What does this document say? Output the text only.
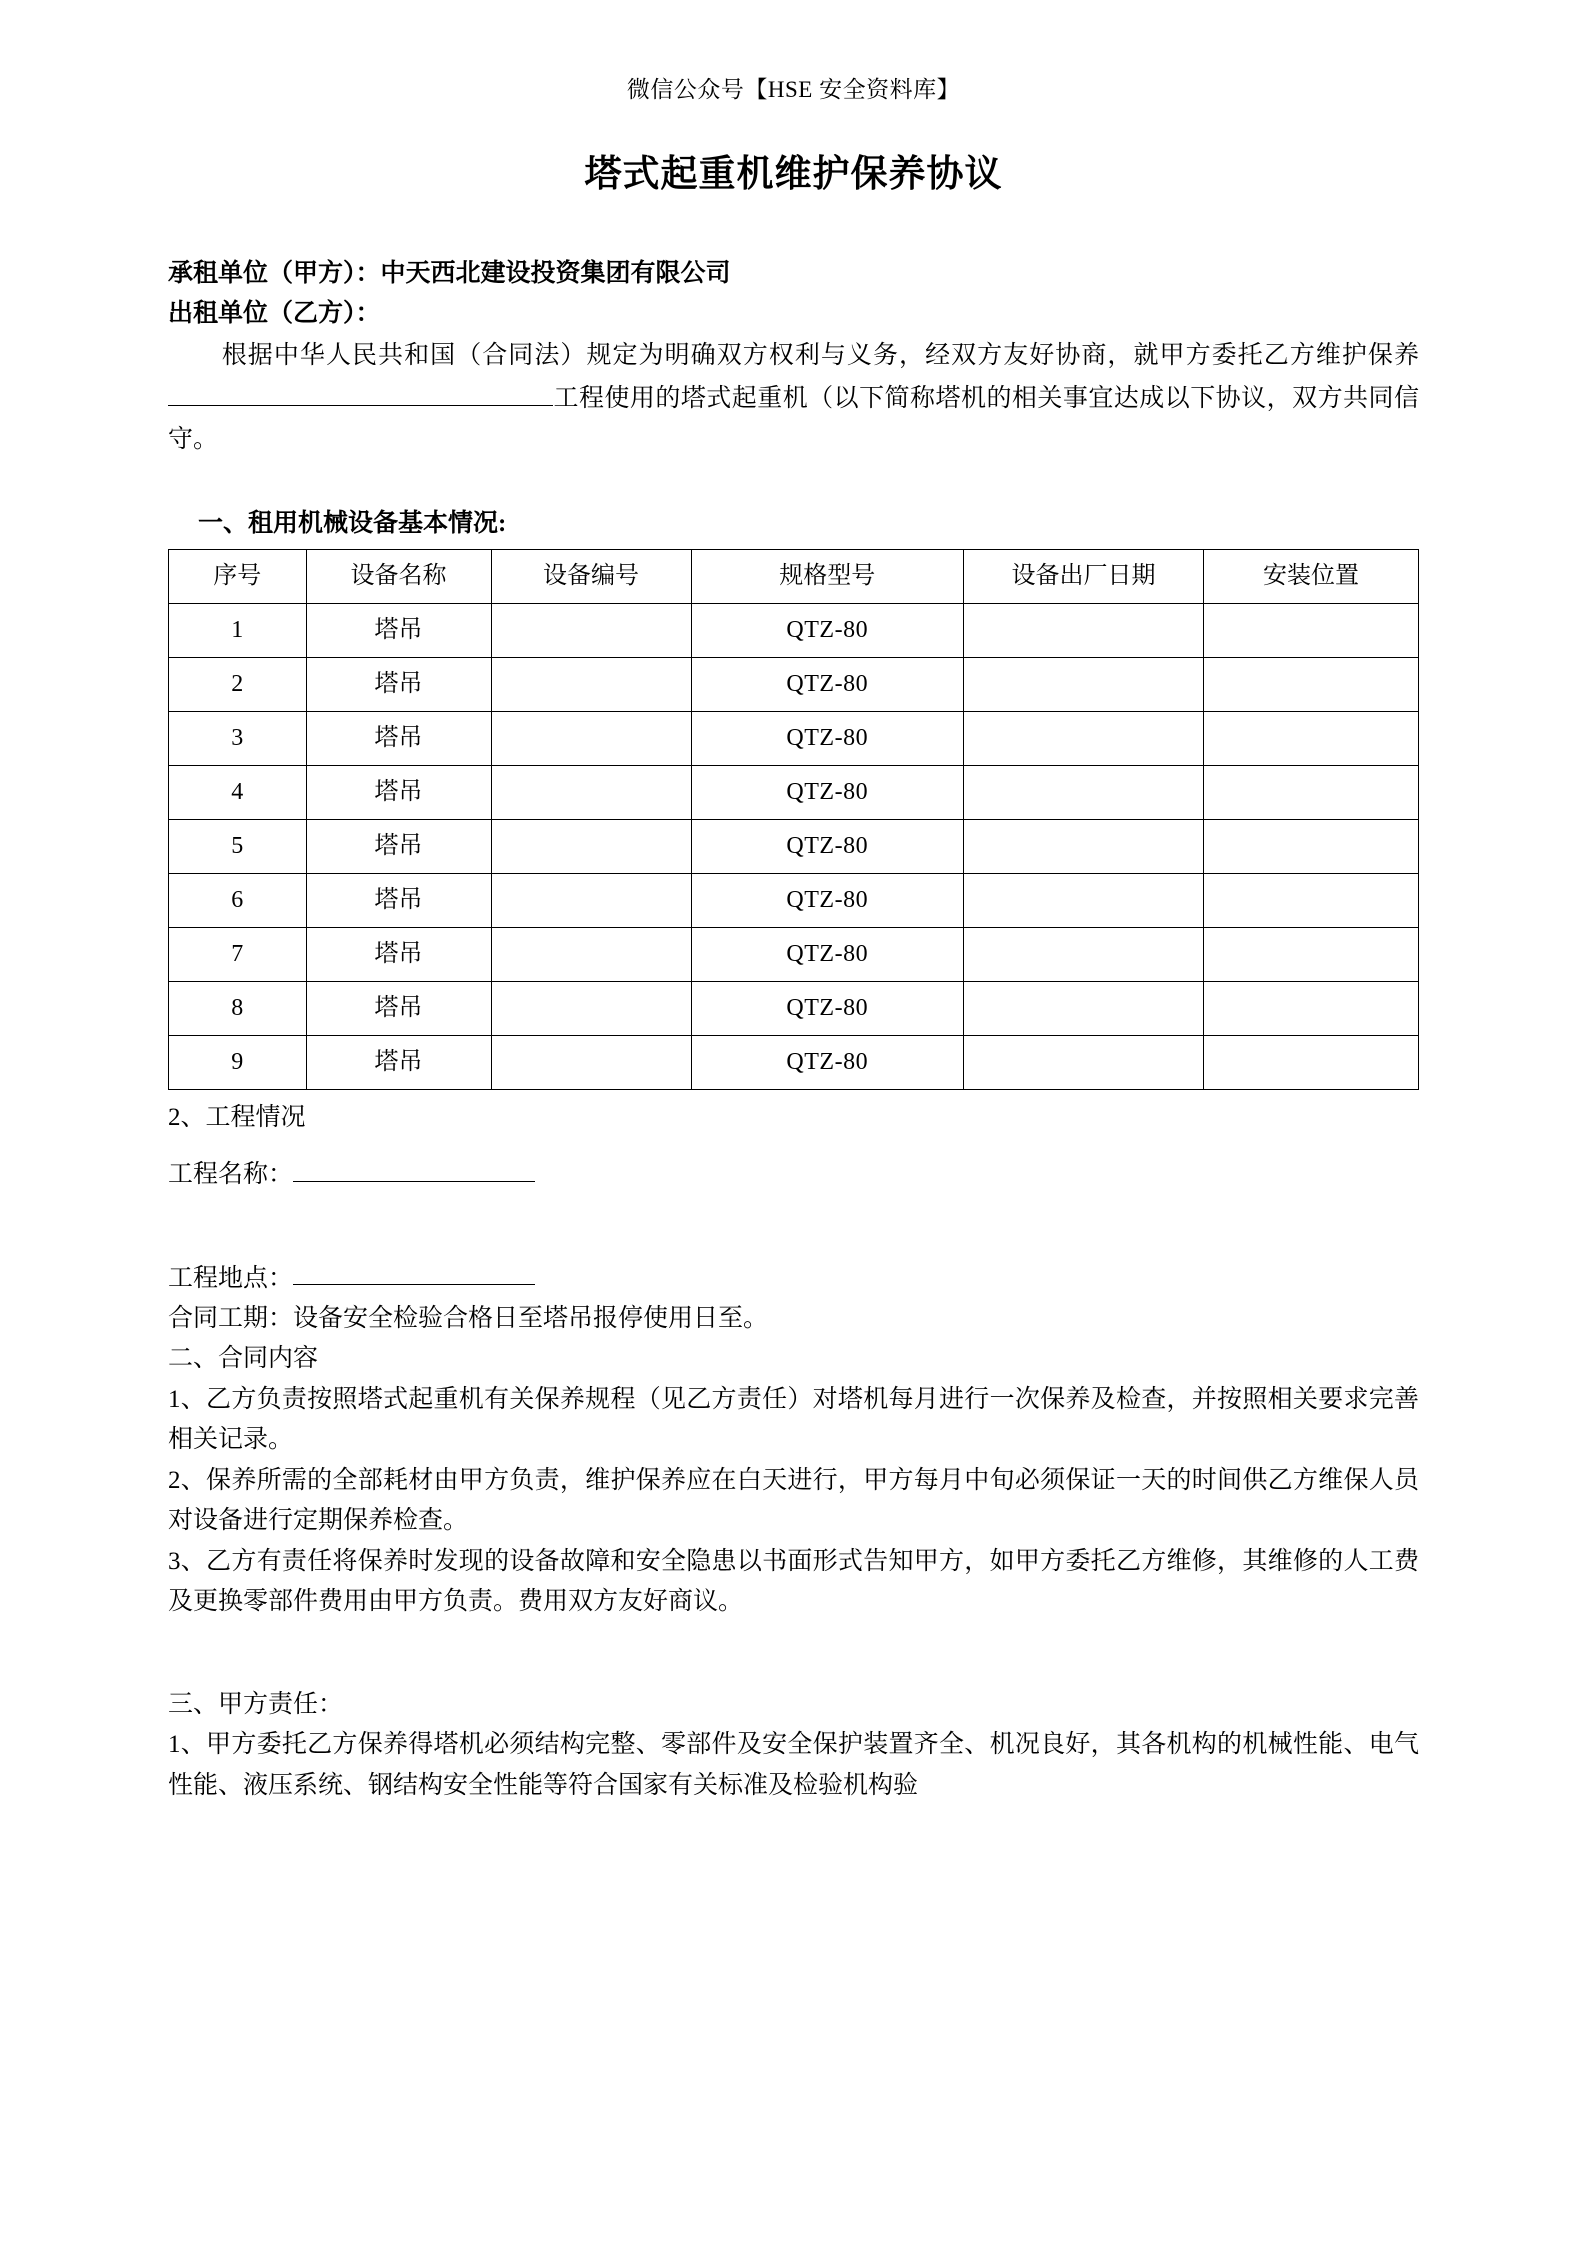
微信公众号【HSE 安全资料库】
塔式起重机维护保养协议
承租单位（甲方）：中天西北建设投资集团有限公司
出租单位（乙方）：

根据中华人民共和国（合同法）规定为明确双方权利与义务，经双方友好协商，就甲方委托乙方维护保养工程使用的塔式起重机（以下简称塔机的相关事宜达成以下协议，双方共同信守。

一、租用机械设备基本情况:
序号	设备名称	设备编号	规格型号	设备出厂日期	安装位置
1	塔吊		QTZ-80		
2	塔吊		QTZ-80		
3	塔吊		QTZ-80		
4	塔吊		QTZ-80		
5	塔吊		QTZ-80		
6	塔吊		QTZ-80		
7	塔吊		QTZ-80		
8	塔吊		QTZ-80		
9	塔吊		QTZ-80		
2、工程情况
工程名称：
工程地点：

合同工期：设备安全检验合格日至塔吊报停使用日至。

二、合同内容

1、乙方负责按照塔式起重机有关保养规程（见乙方责任）对塔机每月进行一次保养及检查，并按照相关要求完善相关记录。

2、保养所需的全部耗材由甲方负责，维护保养应在白天进行，甲方每月中旬必须保证一天的时间供乙方维保人员对设备进行定期保养检查。

3、乙方有责任将保养时发现的设备故障和安全隐患以书面形式告知甲方，如甲方委托乙方维修，其维修的人工费及更换零部件费用由甲方负责。费用双方友好商议。

三、甲方责任：

1、甲方委托乙方保养得塔机必须结构完整、零部件及安全保护装置齐全、机况良好，其各机构的机械性能、电气性能、液压系统、钢结构安全性能等符合国家有关标准及检验机构验
